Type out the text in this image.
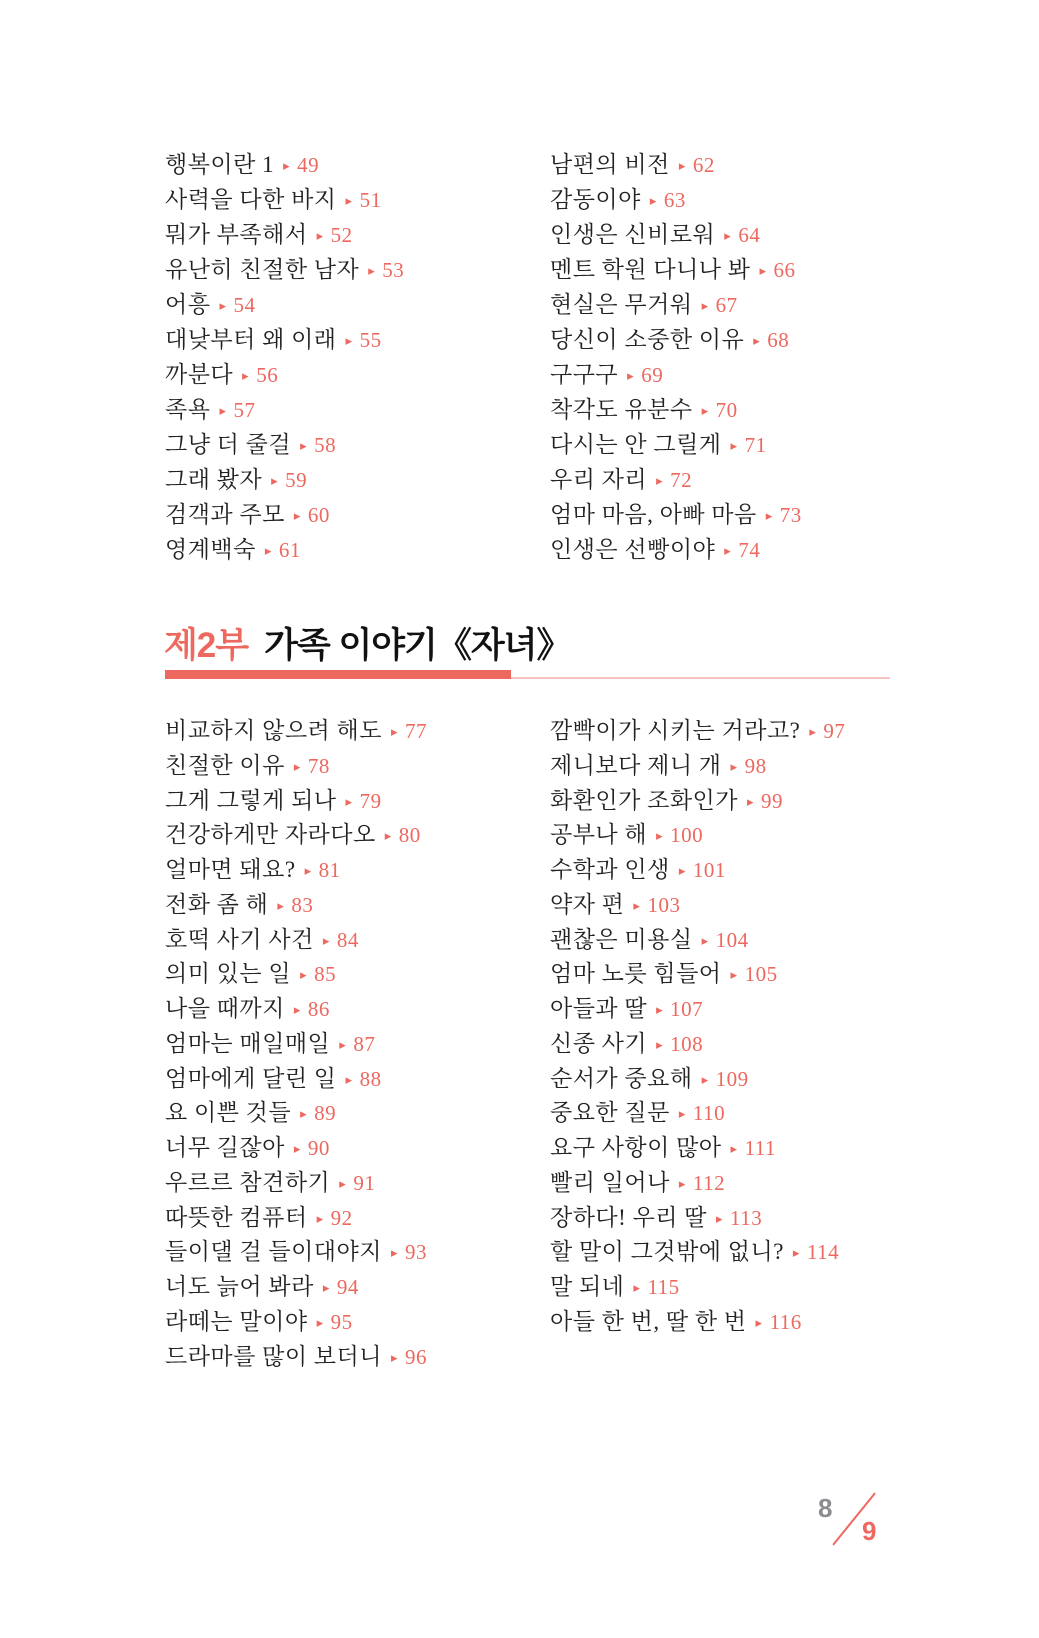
행복이란 1 ▸ 49
사력을 다한 바지 ▸ 51
뭐가 부족해서 ▸ 52
유난히 친절한 남자 ▸ 53
어흥 ▸ 54
대낮부터 왜 이래 ▸ 55
까분다 ▸ 56
족욕 ▸ 57
그냥 더 줄걸 ▸ 58
그래 봤자 ▸ 59
검객과 주모 ▸ 60
영계백숙 ▸ 61
남편의 비전 ▸ 62
감동이야 ▸ 63
인생은 신비로워 ▸ 64
멘트 학원 다니나 봐 ▸ 66
현실은 무거워 ▸ 67
당신이 소중한 이유 ▸ 68
구구구 ▸ 69
착각도 유분수 ▸ 70
다시는 안 그릴게 ▸ 71
우리 자리 ▸ 72
엄마 마음, 아빠 마음 ▸ 73
인생은 선빵이야 ▸ 74
제2부 가족 이야기《자녀》
비교하지 않으려 해도 ▸ 77
친절한 이유 ▸ 78
그게 그렇게 되나 ▸ 79
건강하게만 자라다오 ▸ 80
얼마면 돼요? ▸ 81
전화 좀 해 ▸ 83
호떡 사기 사건 ▸ 84
의미 있는 일 ▸ 85
나을 때까지 ▸ 86
엄마는 매일매일 ▸ 87
엄마에게 달린 일 ▸ 88
요 이쁜 것들 ▸ 89
너무 길잖아 ▸ 90
우르르 참견하기 ▸ 91
따뜻한 컴퓨터 ▸ 92
들이댈 걸 들이대야지 ▸ 93
너도 늙어 봐라 ▸ 94
라떼는 말이야 ▸ 95
드라마를 많이 보더니 ▸ 96
깜빡이가 시키는 거라고? ▸ 97
제니보다 제니 개 ▸ 98
화환인가 조화인가 ▸ 99
공부나 해 ▸ 100
수학과 인생 ▸ 101
약자 편 ▸ 103
괜찮은 미용실 ▸ 104
엄마 노릇 힘들어 ▸ 105
아들과 딸 ▸ 107
신종 사기 ▸ 108
순서가 중요해 ▸ 109
중요한 질문 ▸ 110
요구 사항이 많아 ▸ 111
빨리 일어나 ▸ 112
장하다! 우리 딸 ▸ 113
할 말이 그것밖에 없니? ▸ 114
말 되네 ▸ 115
아들 한 번, 딸 한 번 ▸ 116
8
9
